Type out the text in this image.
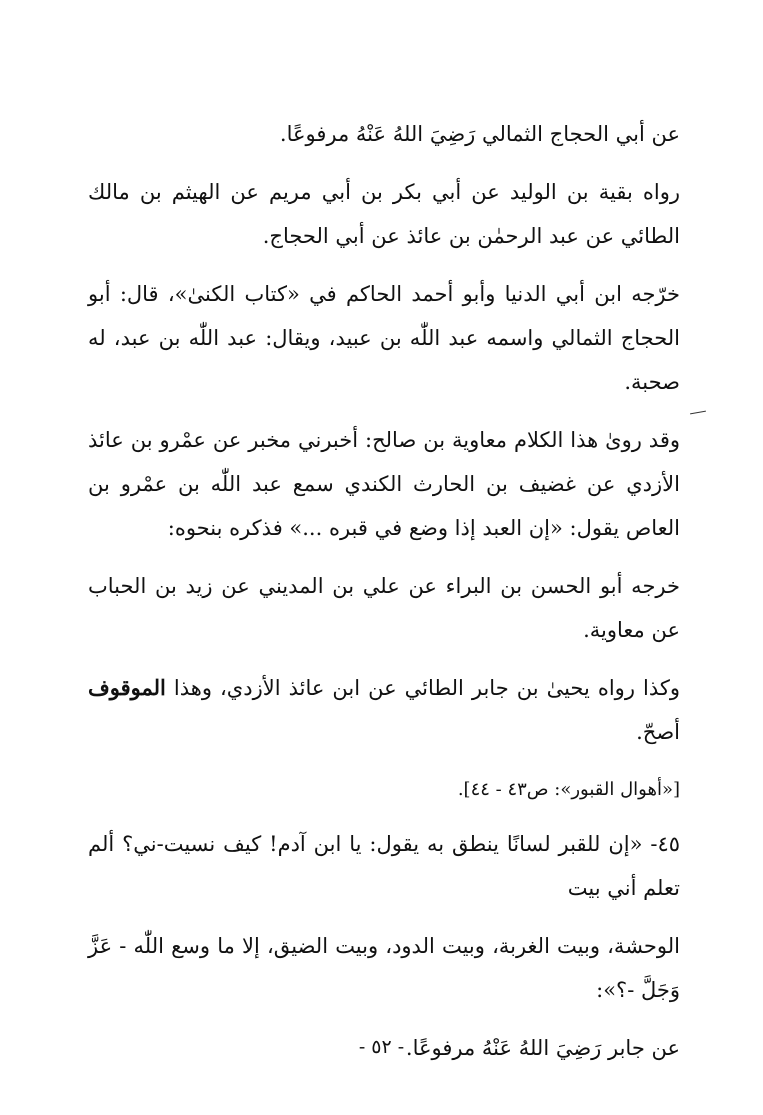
عن أبي الحجاج الثمالي رَضِيَ اللهُ عَنْهُ مرفوعًا.

رواه بقية بن الوليد عن أبي بكر بن أبي مريم عن الهيثم بن مالك الطائي عن عبد الرحمٰن بن عائذ عن أبي الحجاج.

خرّجه ابن أبي الدنيا وأبو أحمد الحاكم في «كتاب الكنىٰ»، قال: أبو الحجاج الثمالي واسمه عبد اللّٰه بن عبيد، ويقال: عبد اللّٰه بن عبد، له صحبة.

وقد روىٰ هذا الكلام معاوية بن صالح: أخبرني مخبر عن عمْرو بن عائذ الأزدي عن غضيف بن الحارث الكندي سمع عبد اللّٰه بن عمْرو بن العاص يقول: «إن العبد إذا وضع في قبره ...» فذكره بنحوه:

خرجه أبو الحسن بن البراء عن علي بن المديني عن زيد بن الحباب عن معاوية.

وكذا رواه يحيىٰ بن جابر الطائي عن ابن عائذ الأزدي، وهذا الموقوف أصحّ.

[«أهوال القبور»: ص٤٣ - ٤٤].

٤٥- «إن للقبر لسانًا ينطق به يقول: يا ابن آدم! كيف نسيت-ني؟ ألم تعلم أني بيت

الوحشة، وبيت الغربة، وبيت الدود، وبيت الضيق، إلا ما وسع اللّٰه - عَزَّ وَجَلَّ -؟»:

عن جابر رَضِيَ اللهُ عَنْهُ مرفوعًا.

- ٥٢ -
